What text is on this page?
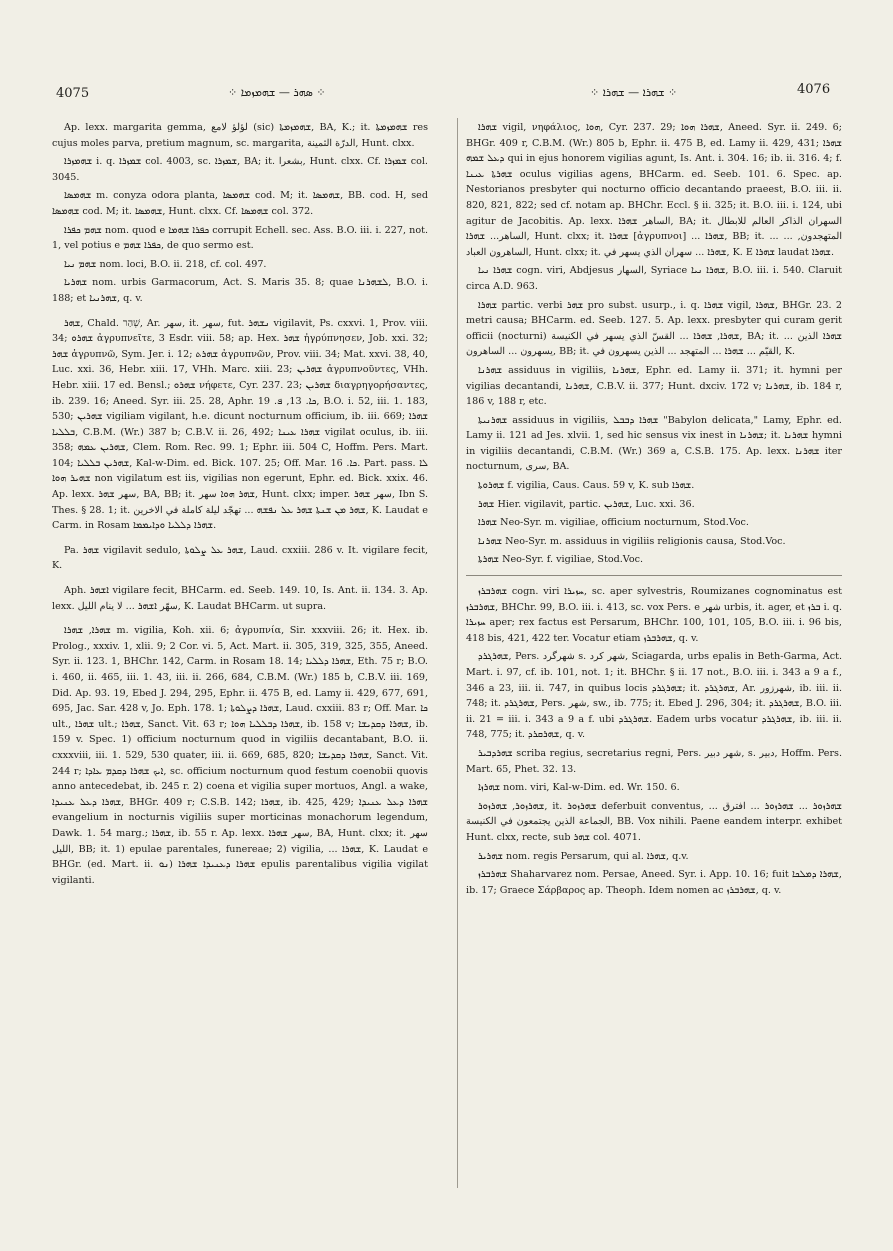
4075	⁘ ܣܗܪ — ܫܗܡܙܡܐ ⁘	⁘ ܫܗܪܐ — ܫܗܪܐ ⁘	4076

Ap. lexx. margarita gemma, لؤلؤ لامع (sic) ܫܗܡܙܡܬܐ, BA, K.; it. ܫܗܡܙܡܬܐ res cujus moles parva, pretium magnum, sc. margarita, الدرّة الثمينة, Hunt. clxx.

ܫܗܡܙܪܐ i. q. ܫܡܙܪܐ col. 4003, sc. ܫܡܙܪܐ, BA; it. بشعرا, Hunt. clxx. Cf. ܫܡܙܪܐ col. 3045.

ܫܗܡܣܐ m. conyza odora planta, ܫܗܡܣܐ cod. M; it. ܫܗܡܣܐ, BB. cod. H, sed ܫܗܡܣܐ cod. M; it. ܫܗܡܣܐ, Hunt. clxx. Cf. ܫܗܡܣܐ col. 372.

ܫܗܡ ܟܦܪܐ nom. quod e ܟܦܪܐ ܫܗܡܐ corrupit Echell. sec. Ass. B.O. iii. i. 227, not. 1, vel potius e ܟܦܪܐ ܫܗܡ, de quo sermo est.

ܫܗܡ ܢܝܐ nom. loci, B.O. ii. 218, cf. col. 497.

ܫܗܪܝܐ nom. urbis Garmacorum, Act. S. Maris 35. 8; quae ܠܫܗܪܢܐ, B.O. i. 188; et ܫܗܪܢܝܐ, q. v.

ܫܗܪ, Chald. שְׁהַר, Ar. سهر, it. سهر, fut. ܢܫܗܪ vigilavit, Ps. cxxvi. 1, Prov. viii. 34; ܫܗܪܘ ἀγρυπνεῖτε, 3 Esdr. viii. 58; ap. Hex. ܫܗܪ ἠγρύπνησεν, Job. xxi. 32; ܫܗܪ ἀγρυπνῶ, Sym. Jer. i. 12; ܫܗܪܬ ἀγρυπνῶν, Prov. viii. 34; Mat. xxvi. 38, 40, Luc. xxi. 36, Hebr. xiii. 17, VHh. Marc. xiii. 23; ܫܗܪܝܢ ἀγρυπνοῦντες, VHh. Hebr. xiii. 17 ed. Bensl.; ܫܗܪܘ νήφετε, Cyr. 237. 23; ܫܗܪܝܢ διαγρηγορήσαντες, ib. 239. 16; Aneed. Syr. iii. 25. 28, Aphr. ܟܐ. 13, ܦ. 19, B.O. i. 52, iii. 1. 183, 530; ܫܗܪܝܢ vigiliam vigilant, h.e. dicunt nocturnum officium, ib. iii. 669; ܫܗܪܐ ܒܠܠܝܐ, C.B.M. (Wr.) 387 b; C.B.V. ii. 26, 492; ܫܗܪܐ ܥܝܢܐ vigilat oculus, ib. iii. 358; ܫܗܪܝܢ ܥܡܗ, Clem. Rom. Rec. 99. 1; Ephr. iii. 504 C, Hoffm. Pers. Mart. 104; ܫܗܪܝܢ ܒܠܠܝܐ, Kal-w-Dim. ed. Bick. 107. 25; Off. Mar. ܟܐ. 16. Part. pass. ܠܐ ܫܗܝܪ ܗܘܐ non vigilatum est iis, vigilias non egerunt, Ephr. ed. Bick. xxix. 46. Ap. lexx. سهر ܫܗܪ, BA, BB; it. ܫܗܪ ܗܘܐ سهر, Hunt. clxx; imper. سهر ܫܗܪ, Ibn S. Thes. § 28. 1; it. ܫܗܪ ܡܢ ܫܢܬܐ ܫܗܪ ܥܠ ܢܦܫܗ ... تهجّد ليلة كاملة في الاخرين, K. Laudat e Carm. in Rosam ܫܗܪܐ ܕܠܠܝܐ ܘܕܐܝܡܡܐ.

Pa. ܫܗܪ vigilavit sedulo, ܫܗܪ ܥܠ ܨܠܘܬܐ, Laud. cxxiii. 286 v. It. vigilare fecit, K.

Aph. ܐܫܗܪ vigilare fecit, BHCarm. ed. Seeb. 149. 10, Is. Ant. ii. 134. 3. Ap. lexx. سهّر ܐܫܗܪ ... لا ينام الليل, K. Laudat BHCarm. ut supra.

ܫܗܪܐ, ܫܗܪܐ m. vigilia, Koh. xii. 6; ἀγρυπνία, Sir. xxxviii. 26; it. Hex. ib. Prolog., xxxiv. 1, xlii. 9; 2 Cor. vi. 5, Act. Mart. ii. 305, 319, 325, 355, Aneed. Syr. ii. 123. 1, BHChr. 142, Carm. in Rosam 18. 14; ܫܗܪܐ ܕܠܠܝܐ, Eth. 75 r; B.O. i. 460, ii. 465, iii. 1. 43, iii. ii. 266, 684, C.B.M. (Wr.) 185 b, C.B.V. iii. 169, Did. Ap. 93. 19, Ebed J. 294, 295, Ephr. ii. 475 B, ed. Lamy ii. 429, 677, 691, 695, Jac. Sar. 428 v, Jo. Eph. 178. 1; ܫܗܪܐ ܕܨܠܘܬܐ, Laud. cxxiii. 83 r; Off. Mar. ܟܐ ult., ܫܗܪܐ ult.; ܫܗܪܐ, Sanct. Vit. 63 r; ܫܗܪܐ ܕܒܠܠܝܐ ܗܘܐ, ib. 158 v; ܫܗܪܐ ܕܩܕܝܫܐ, ib. 159 v. Spec. 1) officium nocturnum quod in vigiliis decantabant, B.O. ii. cxxxviii, iii. 1. 529, 530 quater, iii. ii. 669, 685, 820; ܫܗܪܐ ܕܩܕܝܫܐ, Sanct. Vit. 244 r; ܐܝܟ ܫܗܪܐ ܕܩܕܡ ܥܐܕܐ, sc. officium nocturnum quod festum coenobii quovis anno antecedebat, ib. 245 r. 2) coena et vigilia super mortuos, Angl. a wake, ܫܗܪܐ ܕܥܠ ܥܢܝܕܐ, BHGr. 409 r; C.S.B. 142; ܫܗܪܐ, ib. 425, 429; ܫܗܪܐ ܕܥܠ ܥܢܝܕܐ evangelium in nocturnis vigiliis super morticinas monachorum legendum, Dawk. 1. 54 marg.; ܫܗܪܐ, ib. 55 r. Ap. lexx. سهر ܫܗܪܐ, BA, Hunt. clxx; it. سهر الليل, BB; it. 1) epulae parentales, funereae; 2) vigilia, ... ܫܗܪܐ, K. Laudat e BHGr. (ed. Mart. ii. ܢܘ) ܫܗܪܐ ܕܥܢܝܕܐ ܫܗܪܐ epulis parentalibus vigilia vigilat vigilanti.

ܫܗܪܐ vigil, νηφάλιος, ܗܘܐ, Cyr. 237. 29; ܫܗܪܐ ܗܘܐ, Aneed. Syr. ii. 249. 6; BHGr. 409 r, C.B.M. (Wr.) 805 b, Ephr. ii. 475 B, ed. Lamy ii. 429, 431; ܫܗܪܐ ܕܥܠ ܫܡܗ qui in ejus honorem vigilias agunt, Is. Ant. i. 304. 16; ib. ii. 316. 4; f. ܫܗܪܬܐ ܥܝܢܐ oculus vigilias agens, BHCarm. ed. Seeb. 101. 6. Spec. ap. Nestorianos presbyter qui nocturno officio decantando praeest, B.O. iii. ii. 820, 821, 822; sed cf. notam ap. BHChr. Eccl. § ii. 325; it. B.O. iii. i. 124, ubi agitur de Jacobitis. Ap. lexx. الساهر ܫܗܪܐ, BA; it. السهران الذاكر العالم للابطال الساهر... ܫܗܪܐ, Hunt. clxx; it. ܫܗܪܐ [ἀγρυπνοι] ... ܫܗܪܐ, BB; it. ... المتهجدون, ... الساهرون العباد, Hunt. clxx; it. ܫܗܪܐ ... سهران الذي يسهر في, K. E ܫܗܪܐ laudat ܫܗܪܐ.

ܫܗܪܐ ܢܝܐ cogn. viri, Abdjesus السهار, Syriace ܫܗܪܐ ܢܝܐ, B.O. iii. i. 540. Claruit circa A.D. 963.

ܫܗܪܐ partic. verbi ܫܗܪ pro subst. usurp., i. q. ܫܗܪܐ vigil, ܫܗܪܐ, BHGr. 23. 2 metri causa; BHCarm. ed. Seeb. 127. 5. Ap. lexx. presbyter qui curam gerit officii (nocturni) ܫܗܪܐ, ܫܗܪܐ ... القسّ الذي يسهر في الكنيسة, BA; it. ... ܫܗܪܐ الذين يسهرون ... الساهرون, BB; it. القيّم ... ܫܗܪܐ ... المتهجد ... الذين يسهرون في, K.

ܫܗܪܢܐ assiduus in vigiliis, ܫܗܪܢܐ, Ephr. ed. Lamy ii. 371; it. hymni per vigilias decantandi, ܫܗܪܢܐ, C.B.V. ii. 377; Hunt. dxciv. 172 v; ܫܗܪܢܐ, ib. 184 r, 186 v, 188 r, etc.

ܫܗܪܢܝܬܐ assiduus in vigiliis, ܫܗܪܐ ܕܒܒܠ "Babylon delicata," Lamy, Ephr. ed. Lamy ii. 121 ad Jes. xlvii. 1, sed hic sensus vix inest in ܫܗܪܢܐ; it. ܫܗܪܢܐ hymni in vigiliis decantandi, C.B.M. (Wr.) 369 a, C.S.B. 175. Ap. lexx. ܫܗܪܢܐ iter nocturnum, سرى, BA.

ܫܗܪܘܬܐ f. vigilia, Caus. Caus. 59 v, K. sub ܫܗܪܐ.

ܫܗܪ Hier. vigilavit, partic. ܫܗܪܝܢ, Luc. xxi. 36.

ܫܗܪܐ Neo-Syr. m. vigiliae, officium nocturnum, Stod.Voc.

ܫܗܪܢܐ Neo-Syr. m. assiduus in vigiliis religionis causa, Stod.Voc.

ܫܗܪܬܐ Neo-Syr. f. vigiliae, Stod.Voc.

ܫܗܪܒܪܙ cogn. viri ܚܙܝܪܐ, sc. aper sylvestris, Roumizanes cognominatus est ܫܗܪܒܪܙ, BHChr. 99, B.O. iii. i. 413, sc. vox Pers. e شهر urbis, it. ager, et ܒܪܙ i. q. ܚܙܝܪܐ aper; rex factus est Persarum, BHChr. 100, 101, 105, B.O. iii. i. 96 bis, 418 bis, 421, 422 ter. Vocatur etiam ܫܗܪܒܪܙ, q. v.

ܫܗܪܓܪܕ, Pers. شهرگرد s. شهر کرد, Sciagarda, urbs epalis in Beth-Garma, Act. Mart. i. 97, cf. ib. 101, not. 1; it. BHChr. § ii. 17 not., B.O. iii. i. 343 a 9 a f., 346 a 23, iii. ii. 747, in quibus locis ܫܗܪܓܪܕ; it. ܫܗܪܓܪܕ, Ar. شهرزور, ib. iii. ii. 748; it. ܫܗܪܓܪܕ, Pers. شهر, sw., ib. 775; it. Ebed J. 296, 304; it. ܫܗܪܓܪܕ, B.O. iii. ii. 21 = iii. i. 343 a 9 a f. ubi ܫܗܪܓܪܕ. Eadem urbs vocatur ܫܗܪܓܪܕ, ib. iii. ii. 748, 775; it. ܫܗܪܩܪܕ, q. v.

ܫܗܪܕܒܝܪ scriba regius, secretarius regni, Pers. شهر دبیر, s. دبیر, Hoffm. Pers. Mart. 65, Phet. 32. 13.

ܫܗܪܙܐ nom. viri, Kal-w-Dim. ed. Wr. 150. 6.

ܫܗܪܙܘܪ, ܫܗܪܙܘܪ, it. ܫܗܪܙܘܪ deferbuit conventus, ... ܫܗܪܙܘܪ ... ܫܗܪܙܘܪ ... افترق الجماعة الذين يجتمعون في الكنيسة, BB. Vox nihili. Paene eandem interpr. exhibet Hunt. clxx, recte, sub ܫܗܪ col. 4071.

ܫܗܪܝܪ nom. regis Persarum, qui al. ܫܗܪܐ, q.v.

ܫܗܪܒܪܙ Shaharvarez nom. Persae, Aneed. Syr. i. App. 10. 16; fuit ܫܗܪܐ ܕܡܠܟܐ, ib. 17; Graece Σάρβαρος ap. Theoph. Idem nomen ac ܫܗܪܒܪܙ, q. v.
